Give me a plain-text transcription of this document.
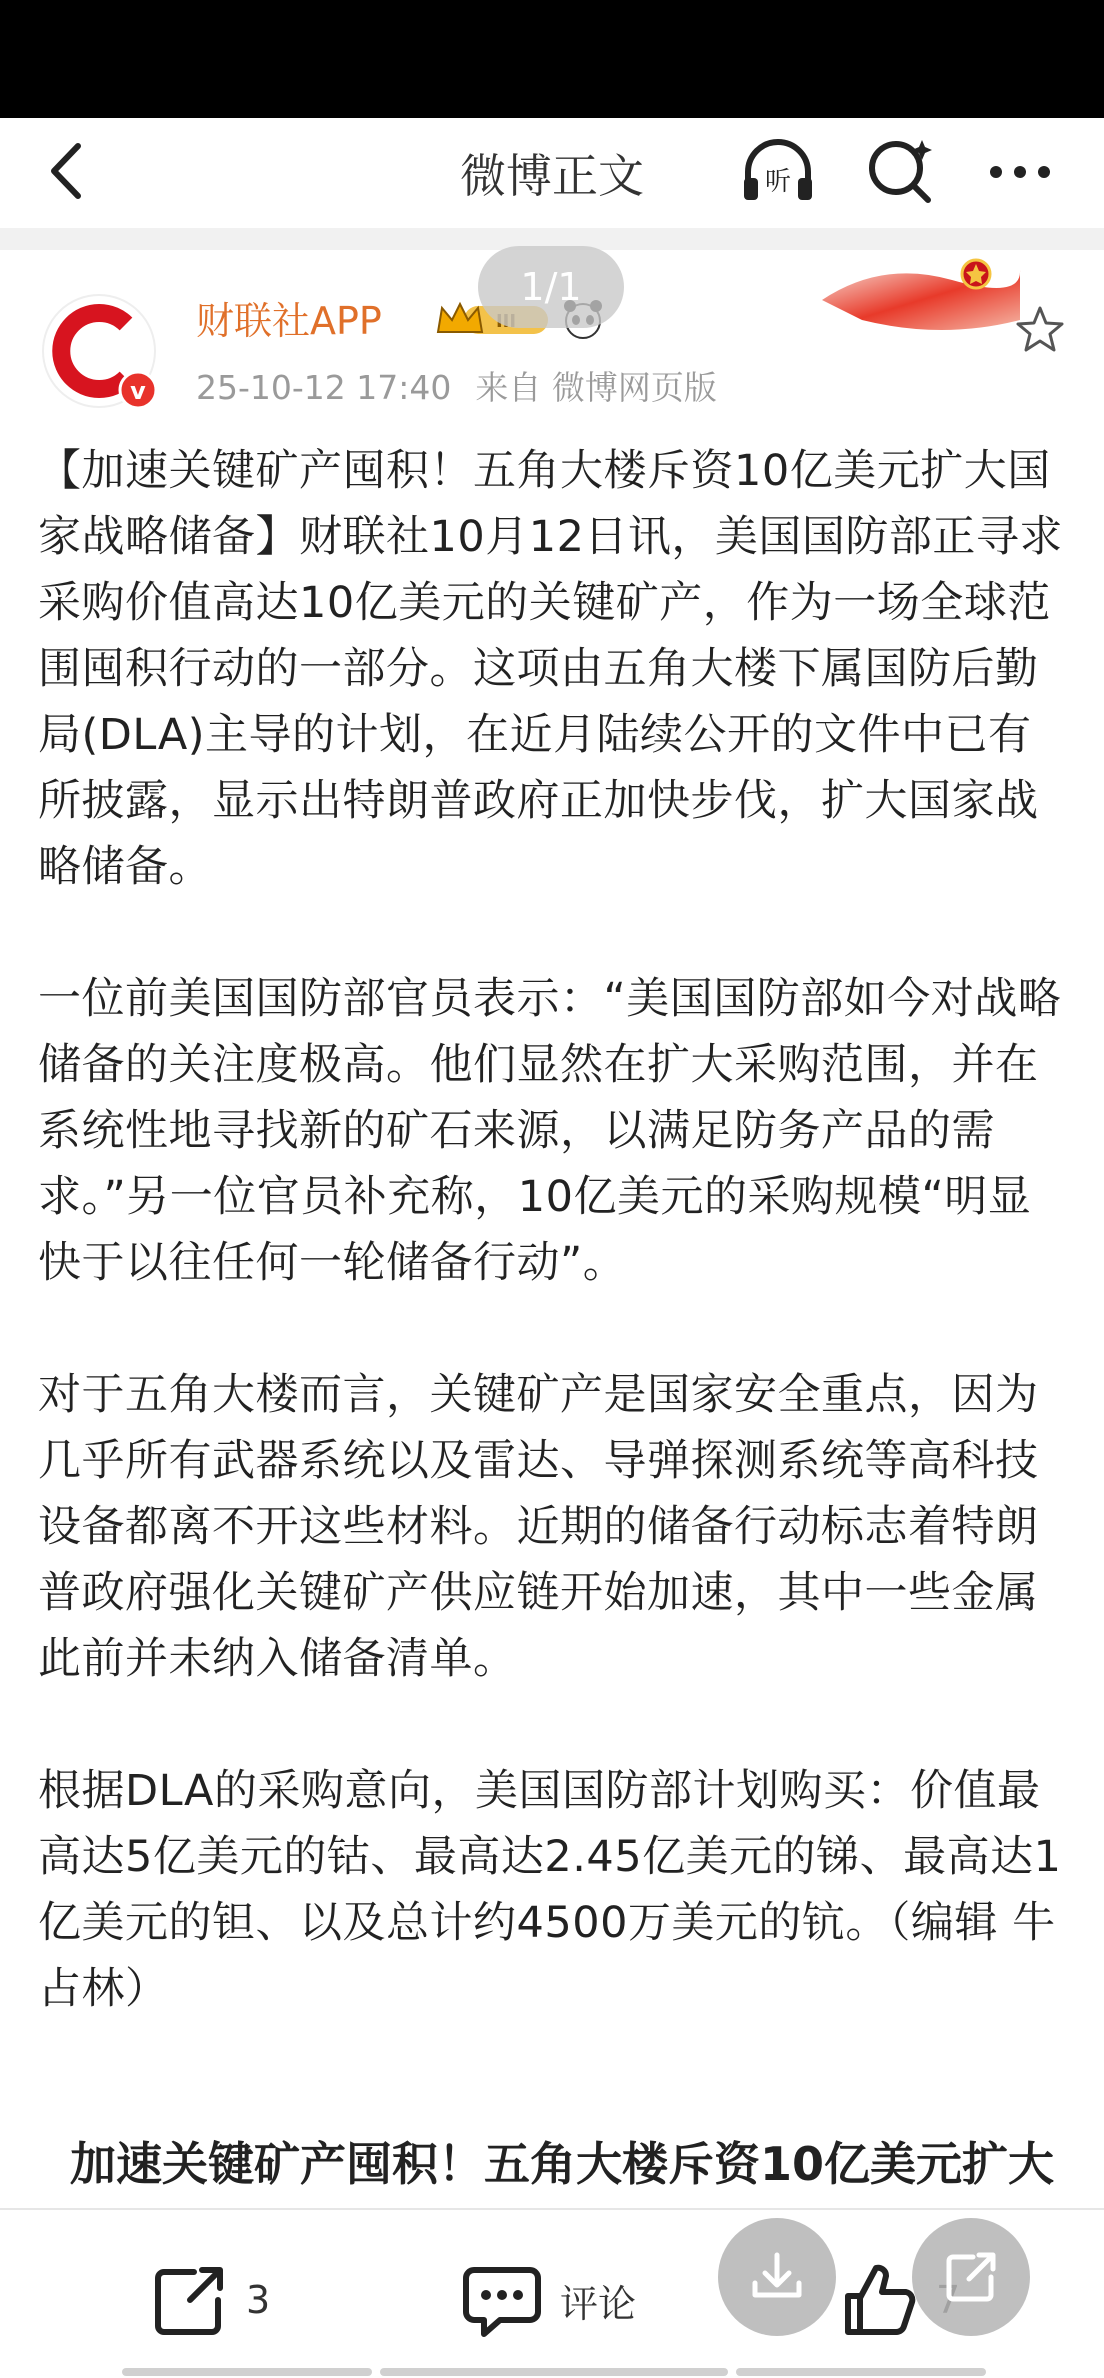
微博正文	听
v
财联社APP
25-10-12 17:40 来自 微博网页版
1/1

【加速关键矿产囤积！五角大楼斥资10亿美元扩大国家战略储备】财联社10月12日讯，美国国防部正寻求采购价值高达10亿美元的关键矿产，作为一场全球范围囤积行动的一部分。这项由五角大楼下属国防后勤局(DLA)主导的计划，在近月陆续公开的文件中已有所披露，显示出特朗普政府正加快步伐，扩大国家战略储备。

一位前美国国防部官员表示：“美国国防部如今对战略储备的关注度极高。他们显然在扩大采购范围，并在系统性地寻找新的矿石来源，以满足防务产品的需求。”另一位官员补充称，10亿美元的采购规模“明显快于以往任何一轮储备行动”。

对于五角大楼而言，关键矿产是国家安全重点，因为几乎所有武器系统以及雷达、导弹探测系统等高科技设备都离不开这些材料。近期的储备行动标志着特朗普政府强化关键矿产供应链开始加速，其中一些金属此前并未纳入储备清单。

根据DLA的采购意向，美国国防部计划购买：价值最高达5亿美元的钴、最高达2.45亿美元的锑、最高达1亿美元的钽、以及总计约4500万美元的钪。（编辑 牛占林）

加速关键矿产囤积！五角大楼斥资10亿美元扩大
3	评论
